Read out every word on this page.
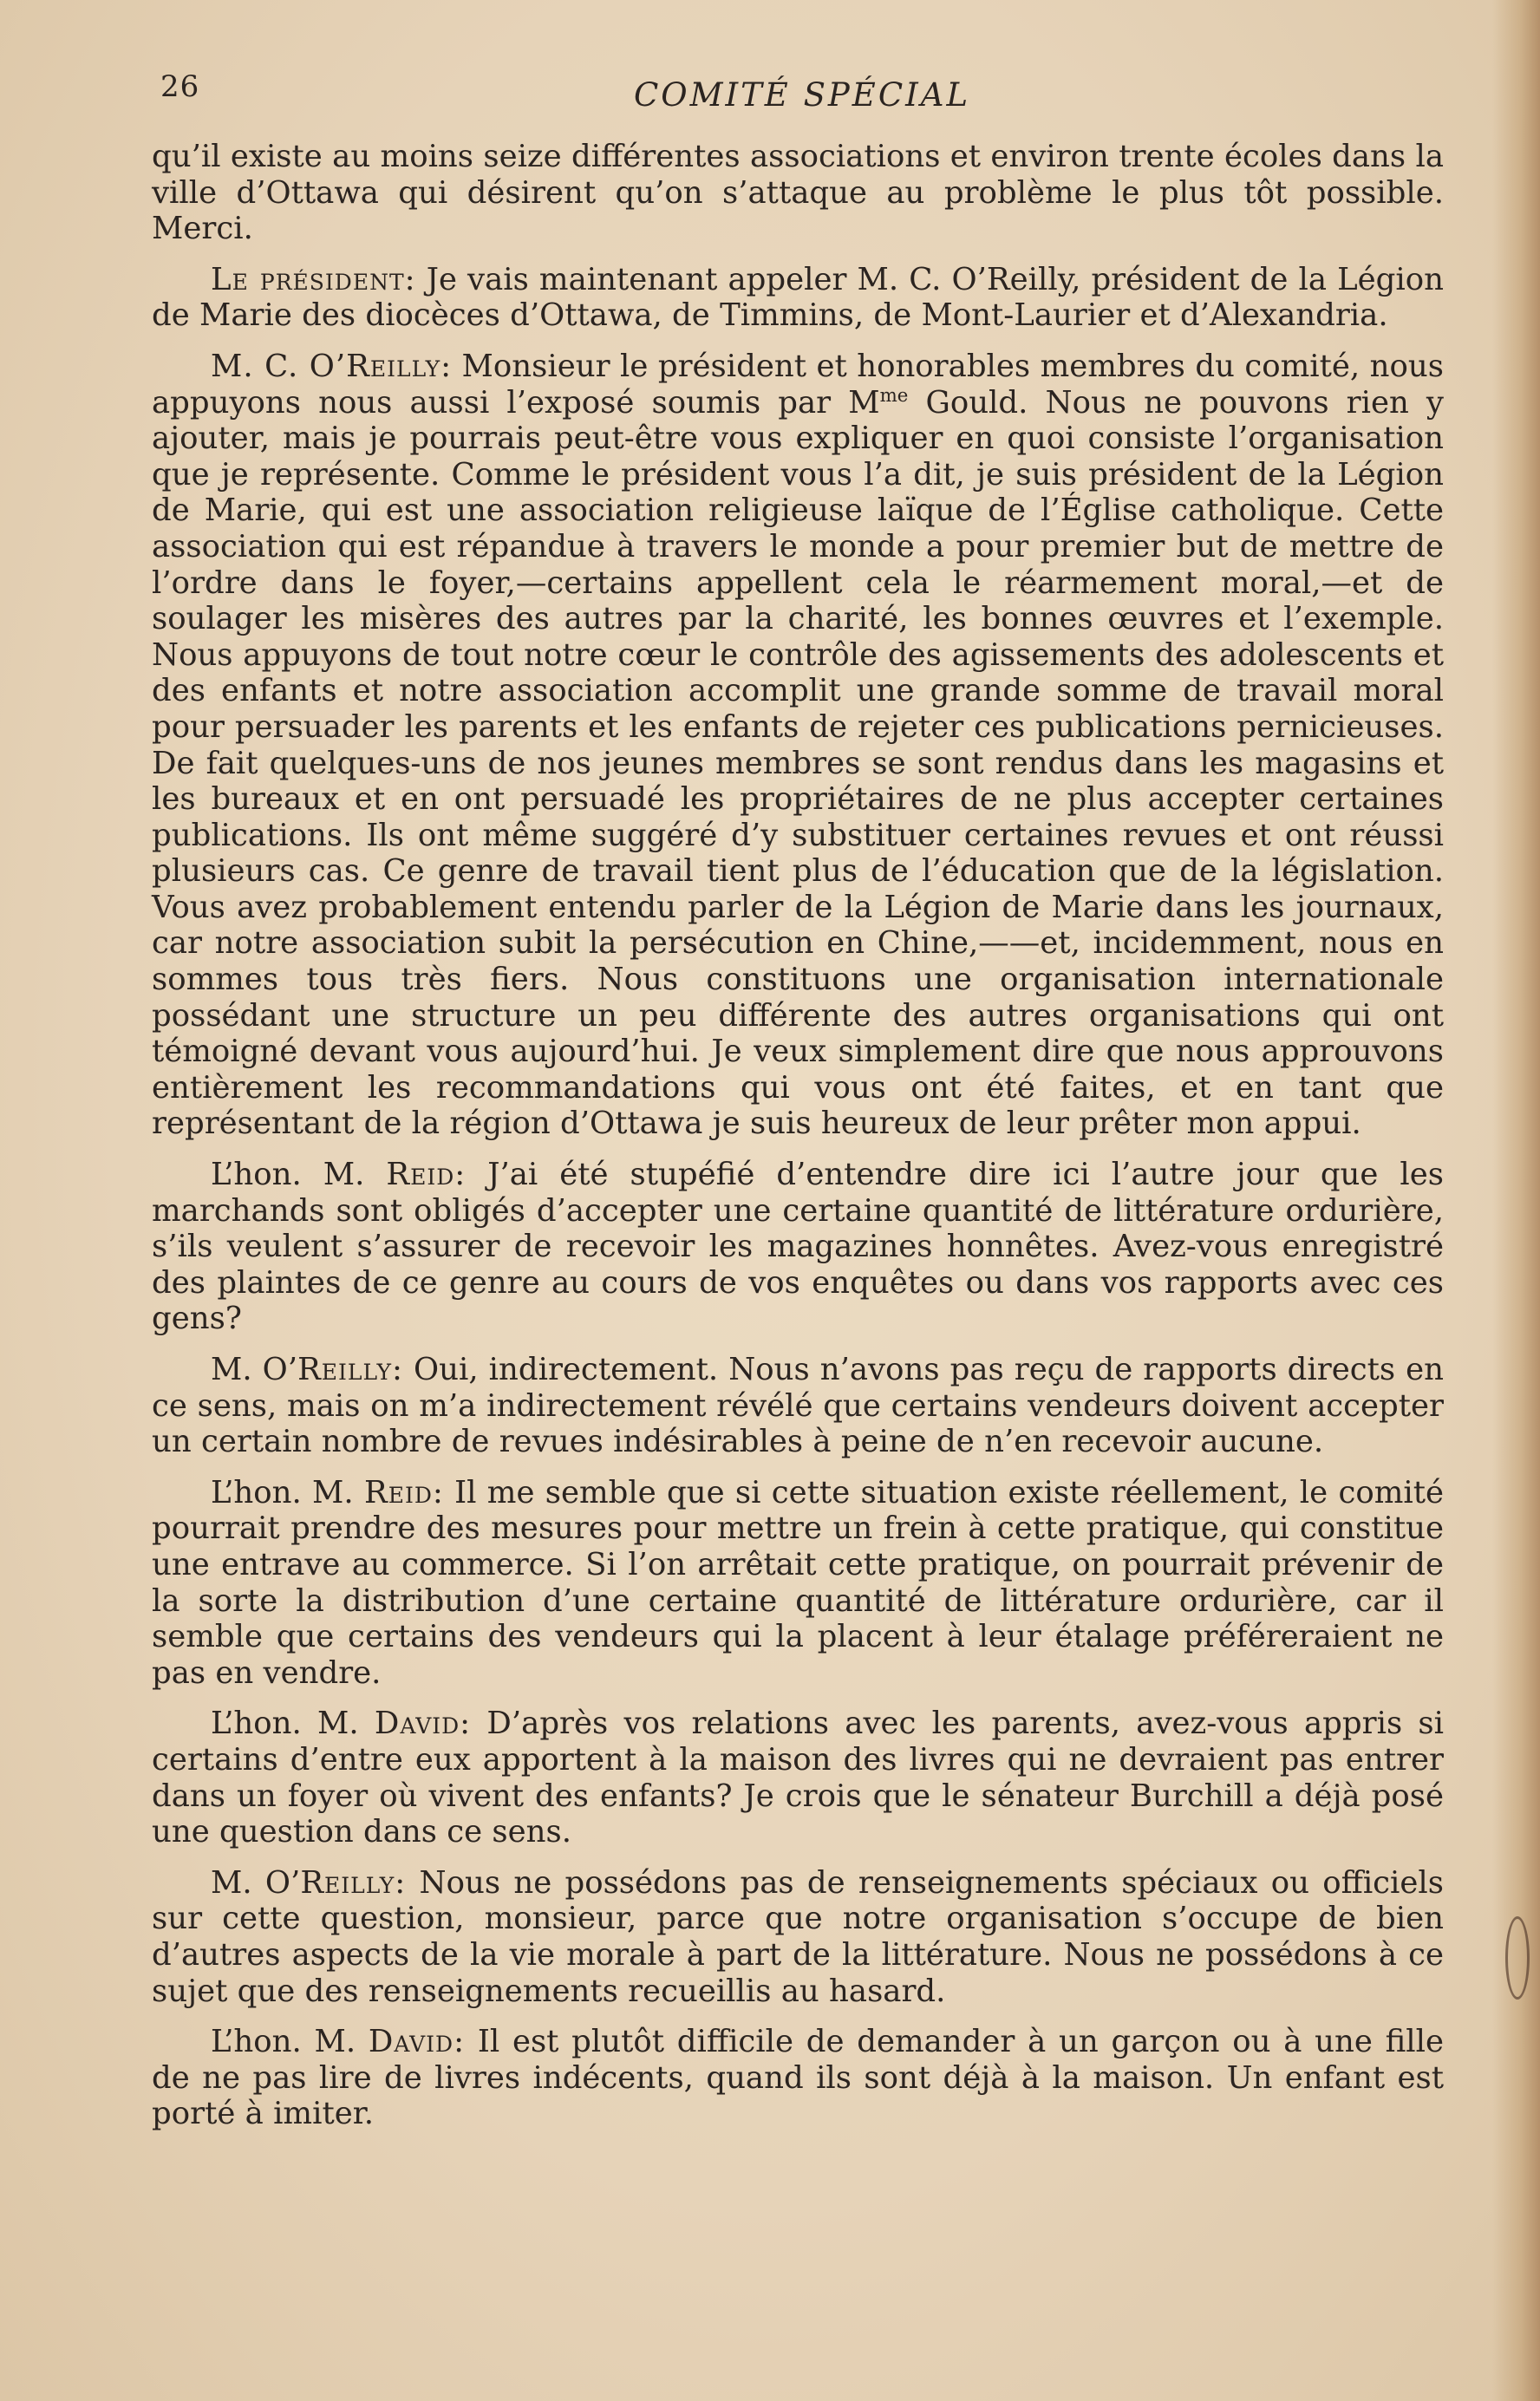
26	COMITÉ SPÉCIAL

qu’il existe au moins seize différentes associations et environ trente écoles dans la ville d’Ottawa qui désirent qu’on s’attaque au problème le plus tôt possible. Merci.

Le président: Je vais maintenant appeler M. C. O’Reilly, président de la Légion de Marie des diocèces d’Ottawa, de Timmins, de Mont-Laurier et d’Alexandria.

M. C. O’Reilly: Monsieur le président et honorables membres du comité, nous appuyons nous aussi l’exposé soumis par $M^{me}$ Gould. Nous ne pouvons rien y ajouter, mais je pourrais peut-être vous expliquer en quoi consiste l’organisation que je représente. Comme le président vous l’a dit, je suis président de la Légion de Marie, qui est une association religieuse laïque de l’Église catholique. Cette association qui est répandue à travers le monde a pour premier but de mettre de l’ordre dans le foyer,—certains appellent cela le réarmement moral,—et de soulager les misères des autres par la charité, les bonnes œuvres et l’exemple. Nous appuyons de tout notre cœur le contrôle des agissements des adolescents et des enfants et notre association accomplit une grande somme de travail moral pour persuader les parents et les enfants de rejeter ces publications pernicieuses. De fait quelques-uns de nos jeunes membres se sont rendus dans les magasins et les bureaux et en ont persuadé les propriétaires de ne plus accepter certaines publications. Ils ont même suggéré d’y substituer certaines revues et ont réussi plusieurs cas. Ce genre de travail tient plus de l’éducation que de la législation. Vous avez probablement entendu parler de la Légion de Marie dans les journaux, car notre association subit la persécution en Chine,——et, incidemment, nous en sommes tous très fiers. Nous constituons une organisation internationale possédant une structure un peu différente des autres organisations qui ont témoigné devant vous aujourd’hui. Je veux simplement dire que nous approuvons entièrement les recommandations qui vous ont été faites, et en tant que représentant de la région d’Ottawa je suis heureux de leur prêter mon appui.

L’hon. M. Reid: J’ai été stupéfié d’entendre dire ici l’autre jour que les marchands sont obligés d’accepter une certaine quantité de littérature ordurière, s’ils veulent s’assurer de recevoir les magazines honnêtes. Avez-vous enregistré des plaintes de ce genre au cours de vos enquêtes ou dans vos rapports avec ces gens?

M. O’Reilly: Oui, indirectement. Nous n’avons pas reçu de rapports directs en ce sens, mais on m’a indirectement révélé que certains vendeurs doivent accepter un certain nombre de revues indésirables à peine de n’en recevoir aucune.

L’hon. M. Reid: Il me semble que si cette situation existe réellement, le comité pourrait prendre des mesures pour mettre un frein à cette pratique, qui constitue une entrave au commerce. Si l’on arrêtait cette pratique, on pourrait prévenir de la sorte la distribution d’une certaine quantité de littérature ordurière, car il semble que certains des vendeurs qui la placent à leur étalage préféreraient ne pas en vendre.

L’hon. M. David: D’après vos relations avec les parents, avez-vous appris si certains d’entre eux apportent à la maison des livres qui ne devraient pas entrer dans un foyer où vivent des enfants? Je crois que le sénateur Burchill a déjà posé une question dans ce sens.

M. O’Reilly: Nous ne possédons pas de renseignements spéciaux ou officiels sur cette question, monsieur, parce que notre organisation s’occupe de bien d’autres aspects de la vie morale à part de la littérature. Nous ne possédons à ce sujet que des renseignements recueillis au hasard.

L’hon. M. David: Il est plutôt difficile de demander à un garçon ou à une fille de ne pas lire de livres indécents, quand ils sont déjà à la maison. Un enfant est porté à imiter.
